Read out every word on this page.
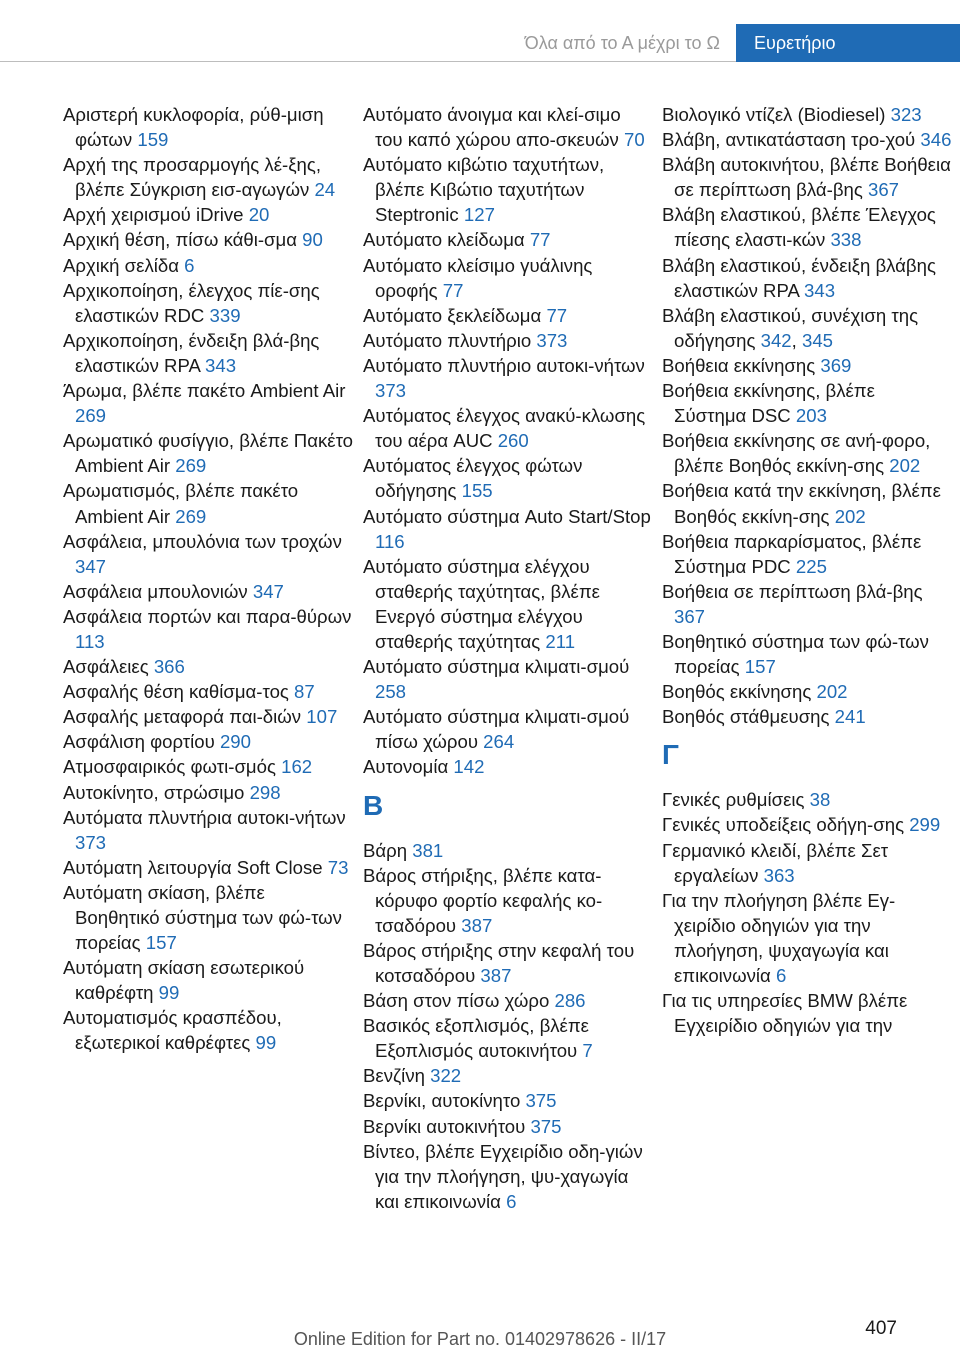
Όλα από το Α μέχρι το Ω	Ευρετήριο
Αριστερή κυκλοφορία, ρύθ‐μιση φώτων 159
Αρχή της προσαρμογής λέ‐ξης, βλέπε Σύγκριση εισ‐αγωγών 24
Αρχή χειρισμού iDrive 20
Αρχική θέση, πίσω κάθι‐σμα 90
Αρχική σελίδα 6
Αρχικοποίηση, έλεγχος πίε‐σης ελαστικών RDC 339
Αρχικοποίηση, ένδειξη βλά‐βης ελαστικών RPA 343
Άρωμα, βλέπε πακέτο Ambient Air 269
Αρωματικό φυσίγγιο, βλέπε Πακέτο Ambient Air 269
Αρωματισμός, βλέπε πακέτο Ambient Air 269
Ασφάλεια, μπουλόνια των τροχών 347
Ασφάλεια μπουλονιών 347
Ασφάλεια πορτών και παρα‐θύρων 113
Ασφάλειες 366
Ασφαλής θέση καθίσμα‐τος 87
Ασφαλής μεταφορά παι‐διών 107
Ασφάλιση φορτίου 290
Ατμοσφαιρικός φωτι‐σμός 162
Αυτοκίνητο, στρώσιμο 298
Αυτόματα πλυντήρια αυτοκι‐νήτων 373
Αυτόματη λειτουργία Soft Close 73
Αυτόματη σκίαση, βλέπε Βοηθητικό σύστημα των φώ‐των πορείας 157
Αυτόματη σκίαση εσωτερικού καθρέφτη 99
Αυτοματισμός κρασπέδου, εξωτερικοί καθρέφτες 99
Αυτόματο άνοιγμα και κλεί‐σιμο του καπό χώρου απο‐σκευών 70
Αυτόματο κιβώτιο ταχυτήτων, βλέπε Κιβώτιο ταχυτήτων Steptronic 127
Αυτόματο κλείδωμα 77
Αυτόματο κλείσιμο γυάλινης οροφής 77
Αυτόματο ξεκλείδωμα 77
Αυτόματο πλυντήριο 373
Αυτόματο πλυντήριο αυτοκι‐νήτων 373
Αυτόματος έλεγχος ανακύ‐κλωσης του αέρα AUC 260
Αυτόματος έλεγχος φώτων οδήγησης 155
Αυτόματο σύστημα Auto Start/Stop 116
Αυτόματο σύστημα ελέγχου σταθερής ταχύτητας, βλέπε Ενεργό σύστημα ελέγχου σταθερής ταχύτητας 211
Αυτόματο σύστημα κλιματι‐σμού 258
Αυτόματο σύστημα κλιματι‐σμού πίσω χώρου 264
Αυτονομία 142
Β
Βάρη 381
Βάρος στήριξης, βλέπε κατα‐κόρυφο φορτίο κεφαλής κο‐τσαδόρου 387
Βάρος στήριξης στην κεφαλή του κοτσαδόρου 387
Βάση στον πίσω χώρο 286
Βασικός εξοπλισμός, βλέπε Εξοπλισμός αυτοκινήτου 7
Βενζίνη 322
Βερνίκι, αυτοκίνητο 375
Βερνίκι αυτοκινήτου 375
Βίντεο, βλέπε Εγχειρίδιο οδη‐γιών για την πλοήγηση, ψυ‐χαγωγία και επικοινωνία 6
Βιολογικό ντίζελ (Biodiesel) 323
Βλάβη, αντικατάσταση τρο‐χού 346
Βλάβη αυτοκινήτου, βλέπε Βοήθεια σε περίπτωση βλά‐βης 367
Βλάβη ελαστικού, βλέπε Έλεγχος πίεσης ελαστι‐κών 338
Βλάβη ελαστικού, ένδειξη βλάβης ελαστικών RPA 343
Βλάβη ελαστικού, συνέχιση της οδήγησης 342, 345
Βοήθεια εκκίνησης 369
Βοήθεια εκκίνησης, βλέπε Σύστημα DSC 203
Βοήθεια εκκίνησης σε ανή‐φορο, βλέπε Βοηθός εκκίνη‐σης 202
Βοήθεια κατά την εκκίνηση, βλέπε Βοηθός εκκίνη‐σης 202
Βοήθεια παρκαρίσματος, βλέπε Σύστημα PDC 225
Βοήθεια σε περίπτωση βλά‐βης 367
Βοηθητικό σύστημα των φώ‐των πορείας 157
Βοηθός εκκίνησης 202
Βοηθός στάθμευσης 241
Γ
Γενικές ρυθμίσεις 38
Γενικές υποδείξεις οδήγη‐σης 299
Γερμανικό κλειδί, βλέπε Σετ εργαλείων 363
Για την πλοήγηση βλέπε Εγ‐χειρίδιο οδηγιών για την πλοήγηση, ψυχαγωγία και επικοινωνία 6
Για τις υπηρεσίες BMW βλέπε Εγχειρίδιο οδηγιών για την
407
Online Edition for Part no. 01402978626 - II/17
